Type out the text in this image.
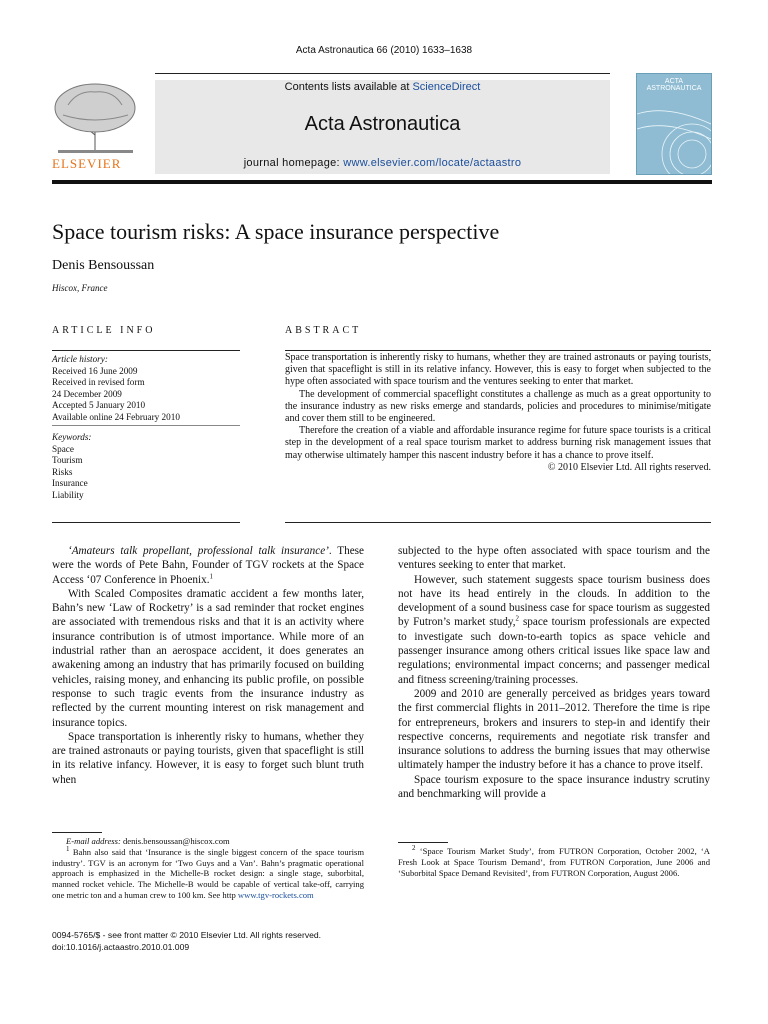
Acta Astronautica 66 (2010) 1633–1638
ELSEVIER
Contents lists available at ScienceDirect
Acta Astronautica
journal homepage: www.elsevier.com/locate/actaastro
ACTA ASTRONAUTICA
Space tourism risks: A space insurance perspective
Denis Bensoussan
Hiscox, France
ARTICLE INFO
Article history:
Received 16 June 2009
Received in revised form
24 December 2009
Accepted 5 January 2010
Available online 24 February 2010
Keywords:
Space
Tourism
Risks
Insurance
Liability
ABSTRACT

Space transportation is inherently risky to humans, whether they are trained astronauts or paying tourists, given that spaceflight is still in its relative infancy. However, this is easy to forget when subjected to the hype often associated with space tourism and the ventures seeking to enter that market.

The development of commercial spaceflight constitutes a challenge as much as a great opportunity to the insurance industry as new risks emerge and standards, policies and procedures to minimise/mitigate and cover them still to be engineered.

Therefore the creation of a viable and affordable insurance regime for future space tourists is a critical step in the development of a real space tourism market to address burning risk management issues that may otherwise ultimately hamper this nascent industry before it has a chance to prove itself.

© 2010 Elsevier Ltd. All rights reserved.

‘Amateurs talk propellant, professional talk insurance’. These were the words of Pete Bahn, Founder of TGV rockets at the Space Access ‘07 Conference in Phoenix.$^1$

With Scaled Composites dramatic accident a few months later, Bahn’s new ‘Law of Rocketry’ is a sad reminder that rocket engines are associated with tremendous risks and that it is an activity where insurance contribution is of utmost importance. While more of an industrial rather than an aerospace accident, it does generates an awakening among an industry that has primarily focused on building vehicles, raising money, and enhancing its public profile, on possible response to such tragic events from the insurance industry as reflected by the current mounting interest on risk management and insurance topics.

Space transportation is inherently risky to humans, whether they are trained astronauts or paying tourists, given that spaceflight is still in its relative infancy. However, it is easy to forget such blunt truth when

subjected to the hype often associated with space tourism and the ventures seeking to enter that market.

However, such statement suggests space tourism business does not have its head entirely in the clouds. In addition to the development of a sound business case for space tourism as suggested by Futron’s market study,$^2$ space tourism professionals are expected to investigate such down-to-earth topics as space vehicle and passenger insurance among others critical issues like space law and regulations; environmental impact concerns; and passenger medical and fitness screening/training processes.

2009 and 2010 are generally perceived as bridges years toward the first commercial flights in 2011–2012. Therefore the time is ripe for entrepreneurs, brokers and insurers to step-in and identify their respective concerns, requirements and negotiate risk transfer and insurance solutions to address the burning issues that may otherwise ultimately hamper the industry before it has a chance to prove itself.

Space tourism exposure to the space insurance industry scrutiny and benchmarking will provide a

E-mail address: denis.bensoussan@hiscox.com

$^1$ Bahn also said that ‘Insurance is the single biggest concern of the space tourism industry’. TGV is an acronym for ‘Two Guys and a Van’. Bahn’s pragmatic operational approach is emphasized in the Michelle-B rocket design: a single stage, suborbital, manned rocket vehicle. The Michelle-B would be capable of vertical take-off, carrying one metric ton and a human crew to 100 km. See http www.tgv-rockets.com

$^2$ ‘Space Tourism Market Study’, from FUTRON Corporation, October 2002, ‘A Fresh Look at Space Tourism Demand’, from FUTRON Corporation, June 2006 and ‘Suborbital Space Demand Revisited’, from FUTRON Corporation, August 2006.

0094-5765/$ - see front matter © 2010 Elsevier Ltd. All rights reserved.
doi:10.1016/j.actaastro.2010.01.009
